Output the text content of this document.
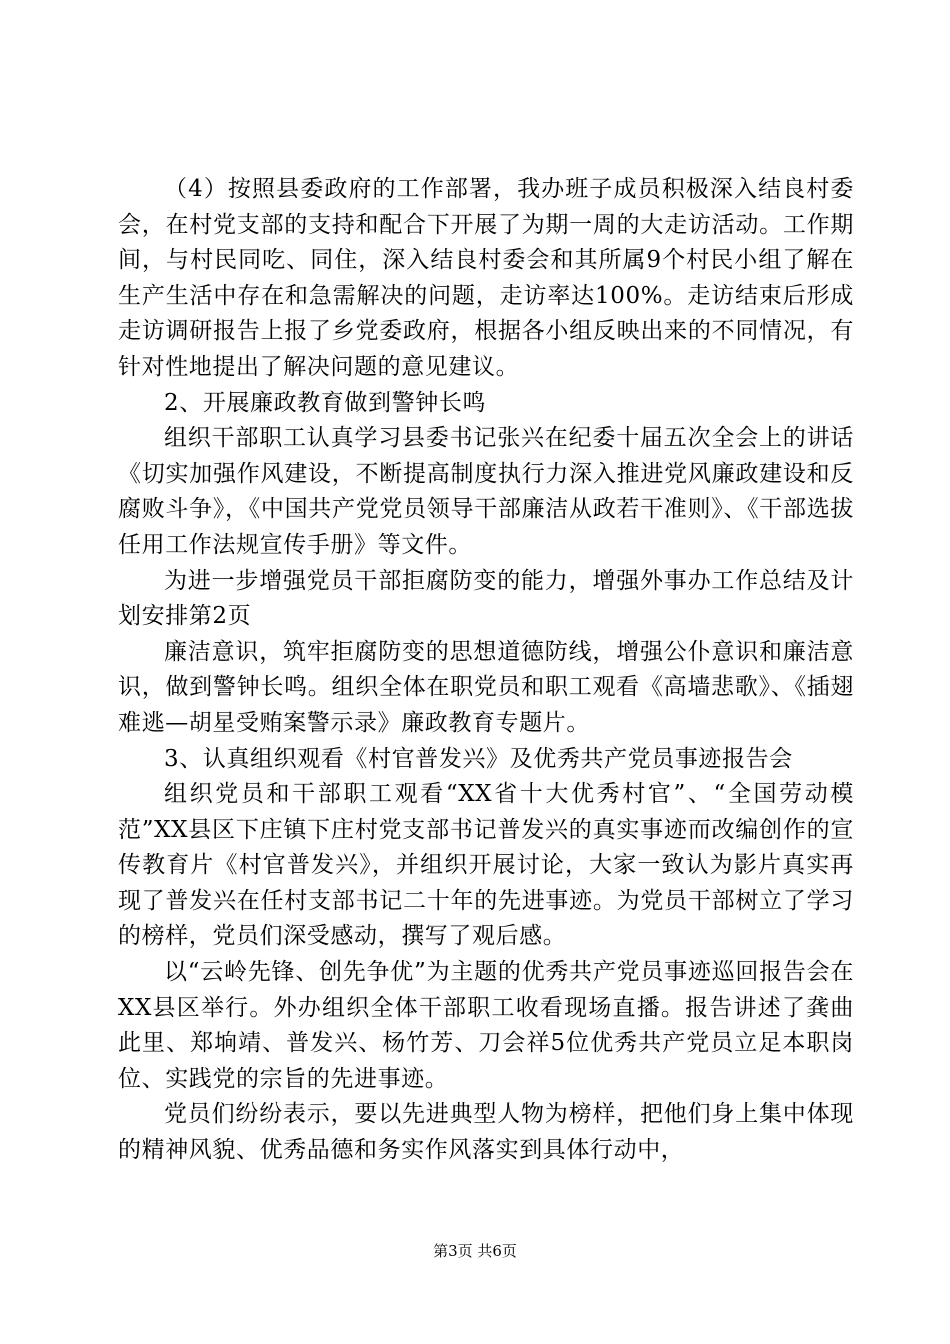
（4）按照县委政府的工作部署，我办班子成员积极深入结良村委会，在村党支部的支持和配合下开展了为期一周的大走访活动。工作期间，与村民同吃、同住，深入结良村委会和其所属9个村民小组了解在生产生活中存在和急需解决的问题，走访率达100%。走访结束后形成走访调研报告上报了乡党委政府，根据各小组反映出来的不同情况，有针对性地提出了解决问题的意见建议。

2、开展廉政教育做到警钟长鸣

组织干部职工认真学习县委书记张兴在纪委十届五次全会上的讲话《切实加强作风建设，不断提高制度执行力深入推进党风廉政建设和反腐败斗争》，《中国共产党党员领导干部廉洁从政若干准则》、《干部选拔任用工作法规宣传手册》等文件。

为进一步增强党员干部拒腐防变的能力，增强外事办工作总结及计划安排第2页

廉洁意识，筑牢拒腐防变的思想道德防线，增强公仆意识和廉洁意识，做到警钟长鸣。组织全体在职党员和职工观看《高墙悲歌》、《插翅难逃—胡星受贿案警示录》廉政教育专题片。

3、认真组织观看《村官普发兴》及优秀共产党员事迹报告会

组织党员和干部职工观看“XX省十大优秀村官”、“全国劳动模范”XX县区下庄镇下庄村党支部书记普发兴的真实事迹而改编创作的宣传教育片《村官普发兴》，并组织开展讨论，大家一致认为影片真实再现了普发兴在任村支部书记二十年的先进事迹。为党员干部树立了学习的榜样，党员们深受感动，撰写了观后感。

以“云岭先锋、创先争优”为主题的优秀共产党员事迹巡回报告会在XX县区举行。外办组织全体干部职工收看现场直播。报告讲述了龚曲此里、郑垧靖、普发兴、杨竹芳、刀会祥5位优秀共产党员立足本职岗位、实践党的宗旨的先进事迹。

党员们纷纷表示，要以先进典型人物为榜样，把他们身上集中体现的精神风貌、优秀品德和务实作风落实到具体行动中，

第3页 共6页
